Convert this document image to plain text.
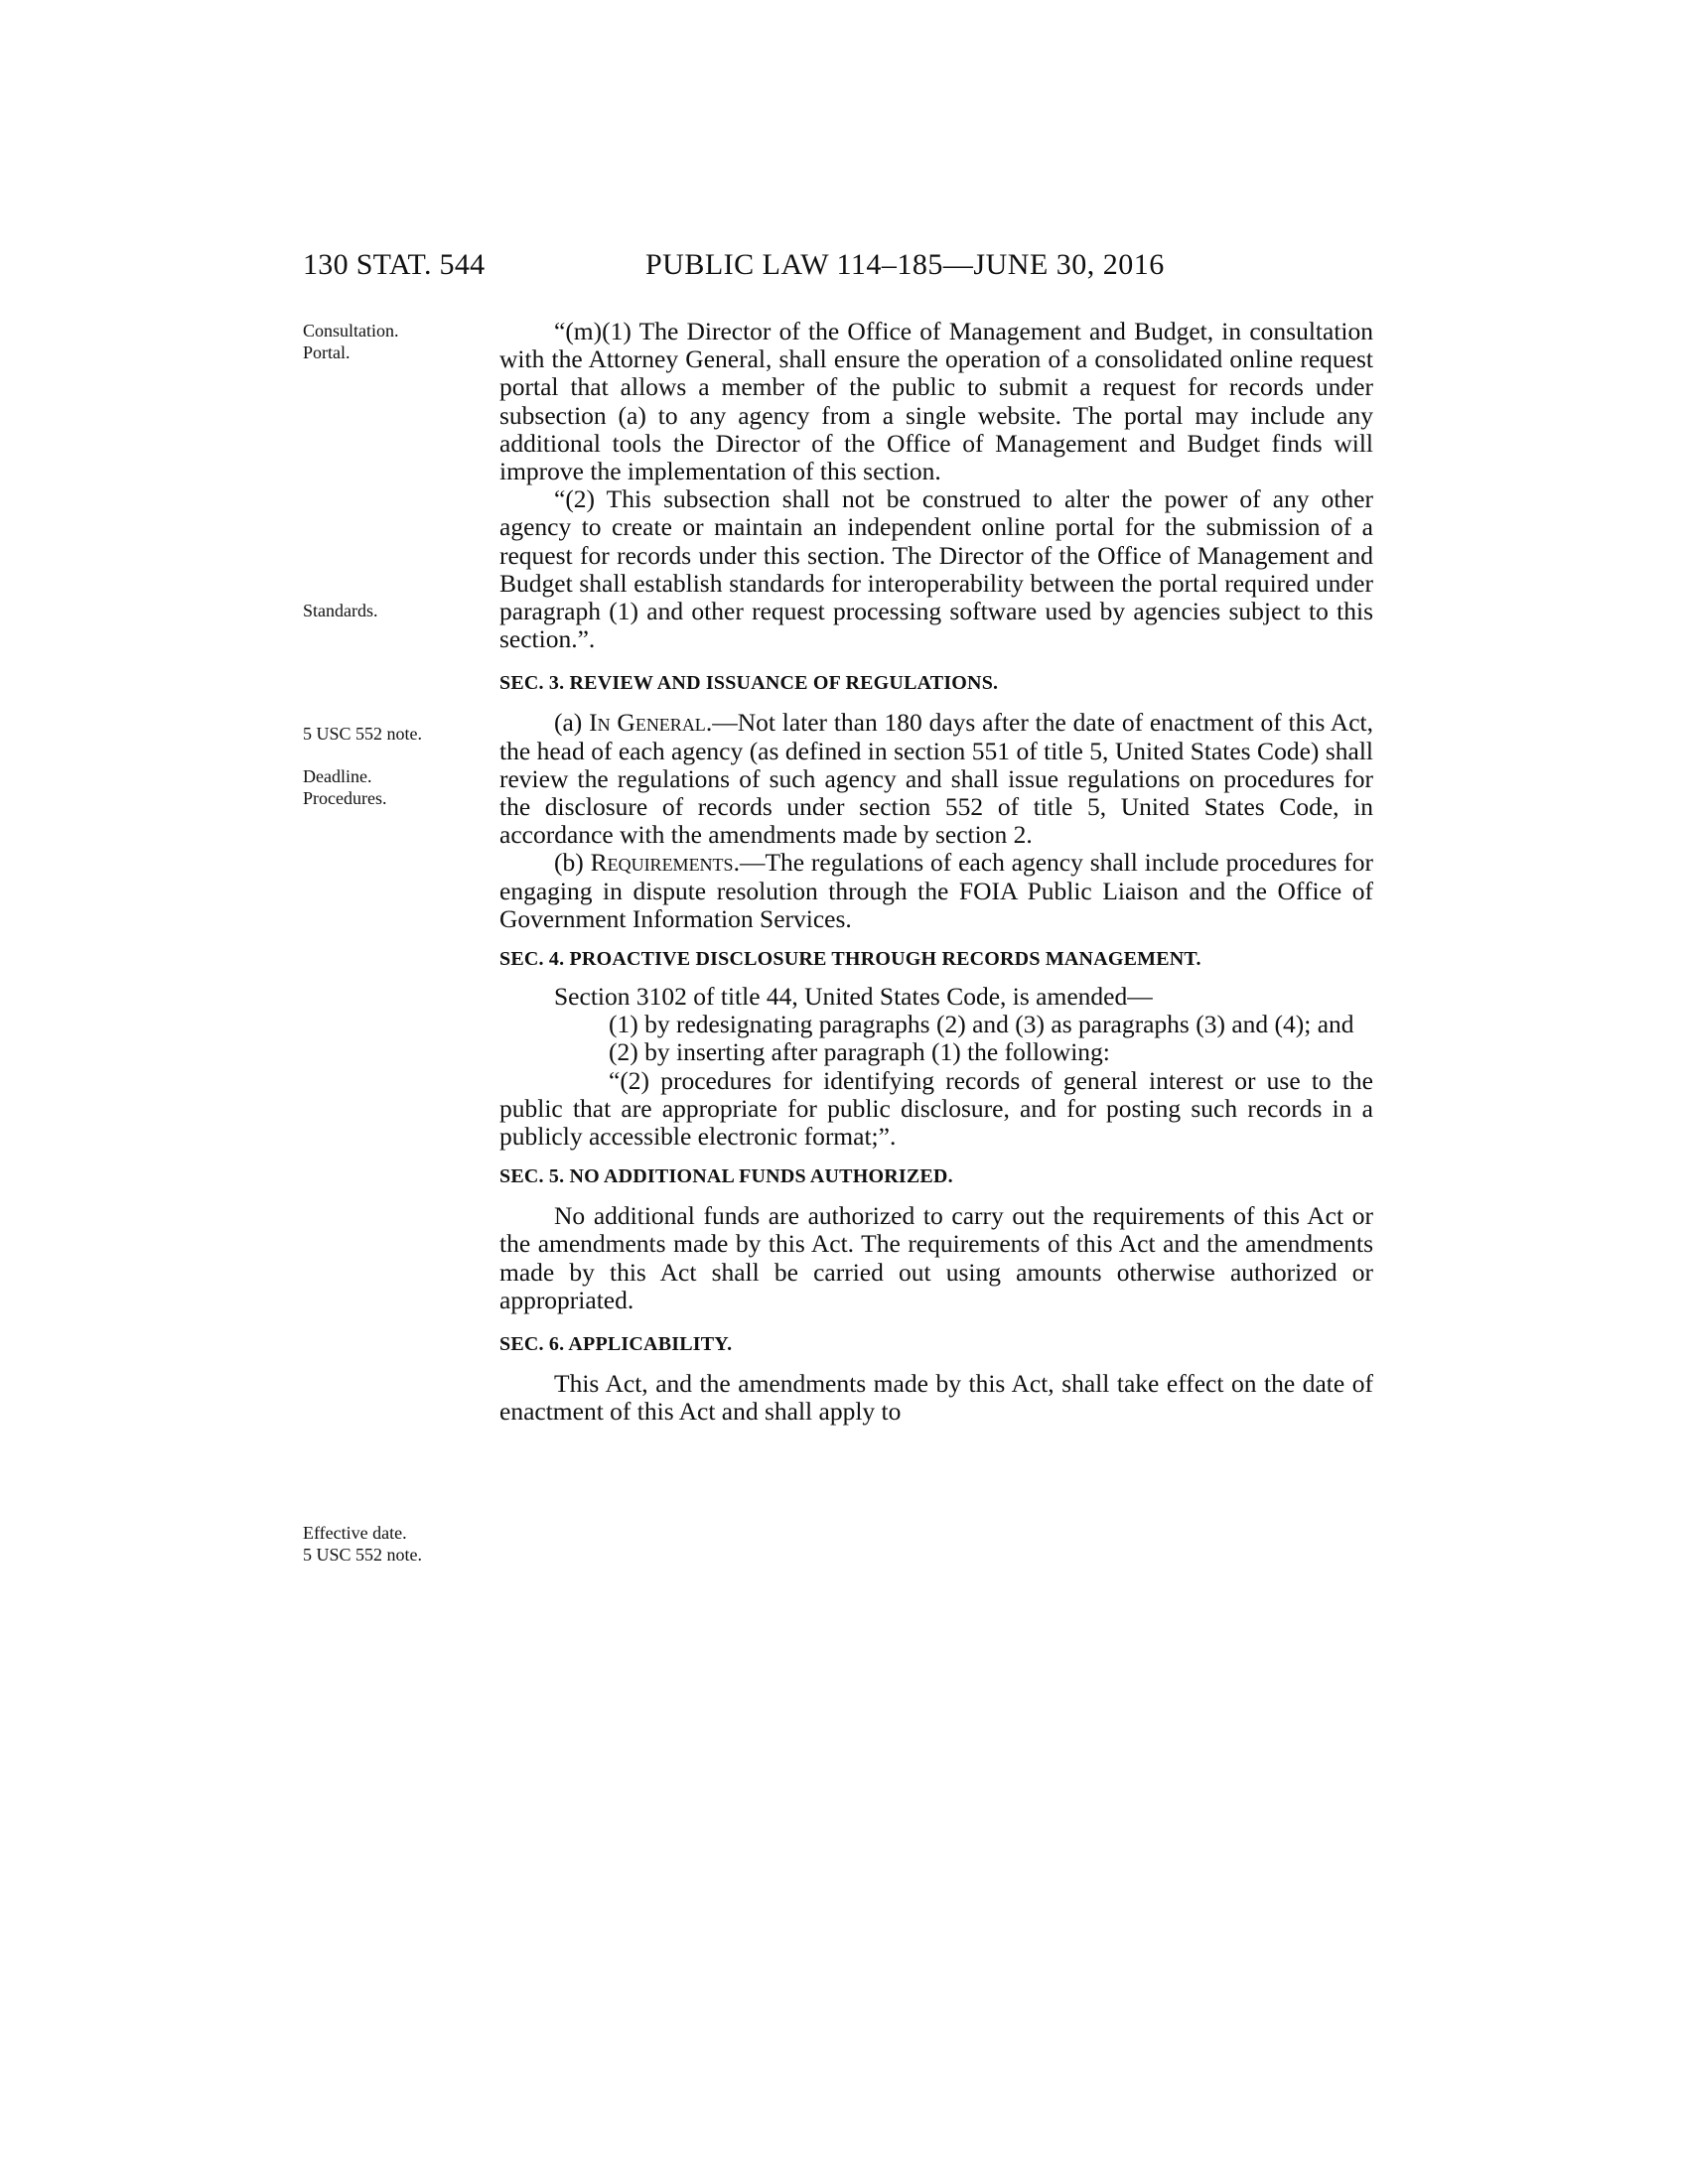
130 STAT. 544	PUBLIC LAW 114–185—JUNE 30, 2016
Consultation.
Portal.
Standards.
5 USC 552 note.
Deadline.
Procedures.
Effective date.
5 USC 552 note.

“(m)(1) The Director of the Office of Management and Budget, in consultation with the Attorney General, shall ensure the operation of a consolidated online request portal that allows a member of the public to submit a request for records under subsection (a) to any agency from a single website. The portal may include any additional tools the Director of the Office of Management and Budget finds will improve the implementation of this section.

“(2) This subsection shall not be construed to alter the power of any other agency to create or maintain an independent online portal for the submission of a request for records under this section. The Director of the Office of Management and Budget shall establish standards for interoperability between the portal required under paragraph (1) and other request processing software used by agencies subject to this section.”.

SEC. 3. REVIEW AND ISSUANCE OF REGULATIONS.

(a) In General.—Not later than 180 days after the date of enactment of this Act, the head of each agency (as defined in section 551 of title 5, United States Code) shall review the regulations of such agency and shall issue regulations on procedures for the disclosure of records under section 552 of title 5, United States Code, in accordance with the amendments made by section 2.

(b) Requirements.—The regulations of each agency shall include procedures for engaging in dispute resolution through the FOIA Public Liaison and the Office of Government Information Services.

SEC. 4. PROACTIVE DISCLOSURE THROUGH RECORDS MANAGEMENT.

Section 3102 of title 44, United States Code, is amended—

(1) by redesignating paragraphs (2) and (3) as paragraphs (3) and (4); and

(2) by inserting after paragraph (1) the following:

“(2) procedures for identifying records of general interest or use to the public that are appropriate for public disclosure, and for posting such records in a publicly accessible electronic format;”.

SEC. 5. NO ADDITIONAL FUNDS AUTHORIZED.

No additional funds are authorized to carry out the requirements of this Act or the amendments made by this Act. The requirements of this Act and the amendments made by this Act shall be carried out using amounts otherwise authorized or appropriated.

SEC. 6. APPLICABILITY.

This Act, and the amendments made by this Act, shall take effect on the date of enactment of this Act and shall apply to
